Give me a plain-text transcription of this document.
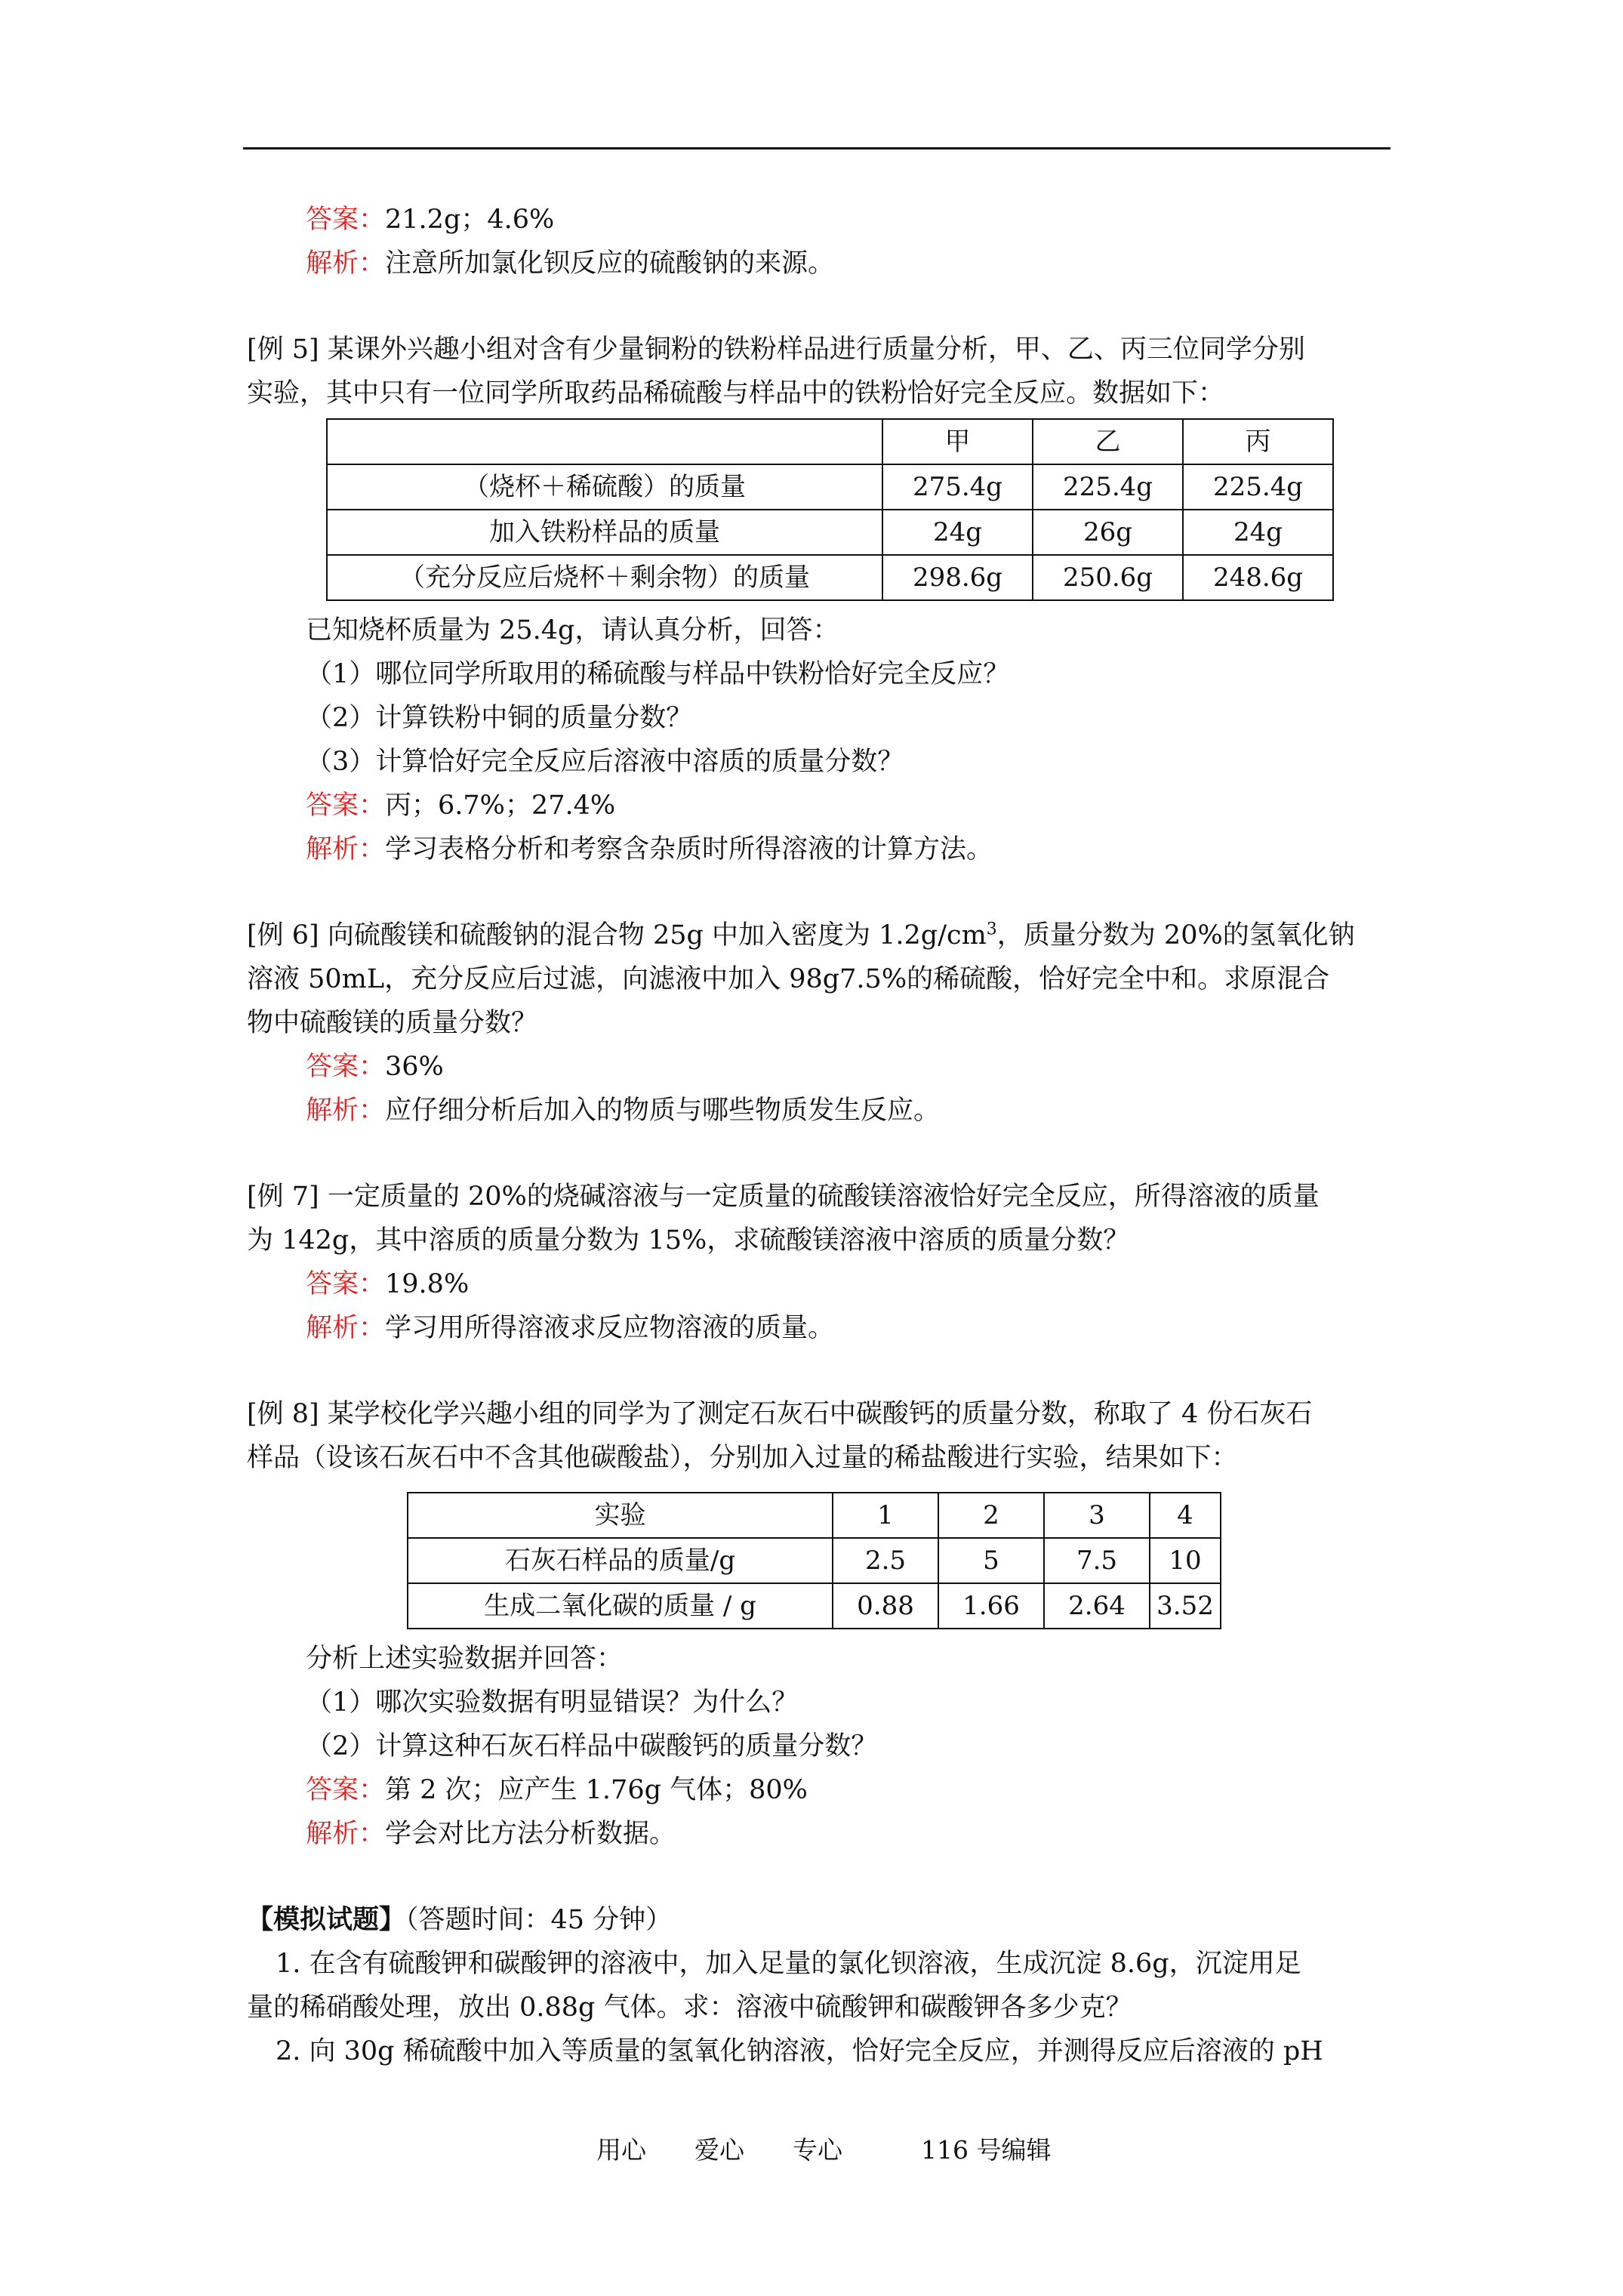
答案：21.2g；4.6%
解析：注意所加氯化钡反应的硫酸钠的来源。
[例 5] 某课外兴趣小组对含有少量铜粉的铁粉样品进行质量分析，甲、乙、丙三位同学分别
实验，其中只有一位同学所取药品稀硫酸与样品中的铁粉恰好完全反应。数据如下：
	甲	乙	丙
（烧杯＋稀硫酸）的质量	275.4g	225.4g	225.4g
加入铁粉样品的质量	24g	26g	24g
（充分反应后烧杯＋剩余物）的质量	298.6g	250.6g	248.6g
已知烧杯质量为 25.4g，请认真分析，回答：
（1）哪位同学所取用的稀硫酸与样品中铁粉恰好完全反应？
（2）计算铁粉中铜的质量分数？
（3）计算恰好完全反应后溶液中溶质的质量分数？
答案：丙；6.7%；27.4%
解析：学习表格分析和考察含杂质时所得溶液的计算方法。
[例 6] 向硫酸镁和硫酸钠的混合物 25g 中加入密度为 $1.2g/cm^3$，质量分数为 20%的氢氧化钠
溶液 50mL，充分反应后过滤，向滤液中加入 98g7.5%的稀硫酸，恰好完全中和。求原混合
物中硫酸镁的质量分数？
答案：36%
解析：应仔细分析后加入的物质与哪些物质发生反应。
[例 7] 一定质量的 20%的烧碱溶液与一定质量的硫酸镁溶液恰好完全反应，所得溶液的质量
为 142g，其中溶质的质量分数为 15%，求硫酸镁溶液中溶质的质量分数？
答案：19.8%
解析：学习用所得溶液求反应物溶液的质量。
[例 8] 某学校化学兴趣小组的同学为了测定石灰石中碳酸钙的质量分数，称取了 4 份石灰石
样品（设该石灰石中不含其他碳酸盐），分别加入过量的稀盐酸进行实验，结果如下：
实验	1	2	3	4
石灰石样品的质量/g	2.5	5	7.5	10
生成二氧化碳的质量 / g	0.88	1.66	2.64	3.52
分析上述实验数据并回答：
（1）哪次实验数据有明显错误？为什么？
（2）计算这种石灰石样品中碳酸钙的质量分数？
答案：第 2 次；应产生 1.76g 气体；80%
解析：学会对比方法分析数据。
【模拟试题】（答题时间：45 分钟）
1. 在含有硫酸钾和碳酸钾的溶液中，加入足量的氯化钡溶液，生成沉淀 8.6g，沉淀用足
量的稀硝酸处理，放出 0.88g 气体。求：溶液中硫酸钾和碳酸钾各多少克？
2. 向 30g 稀硫酸中加入等质量的氢氧化钠溶液，恰好完全反应，并测得反应后溶液的 pH
用心 爱心 专心	116 号编辑
